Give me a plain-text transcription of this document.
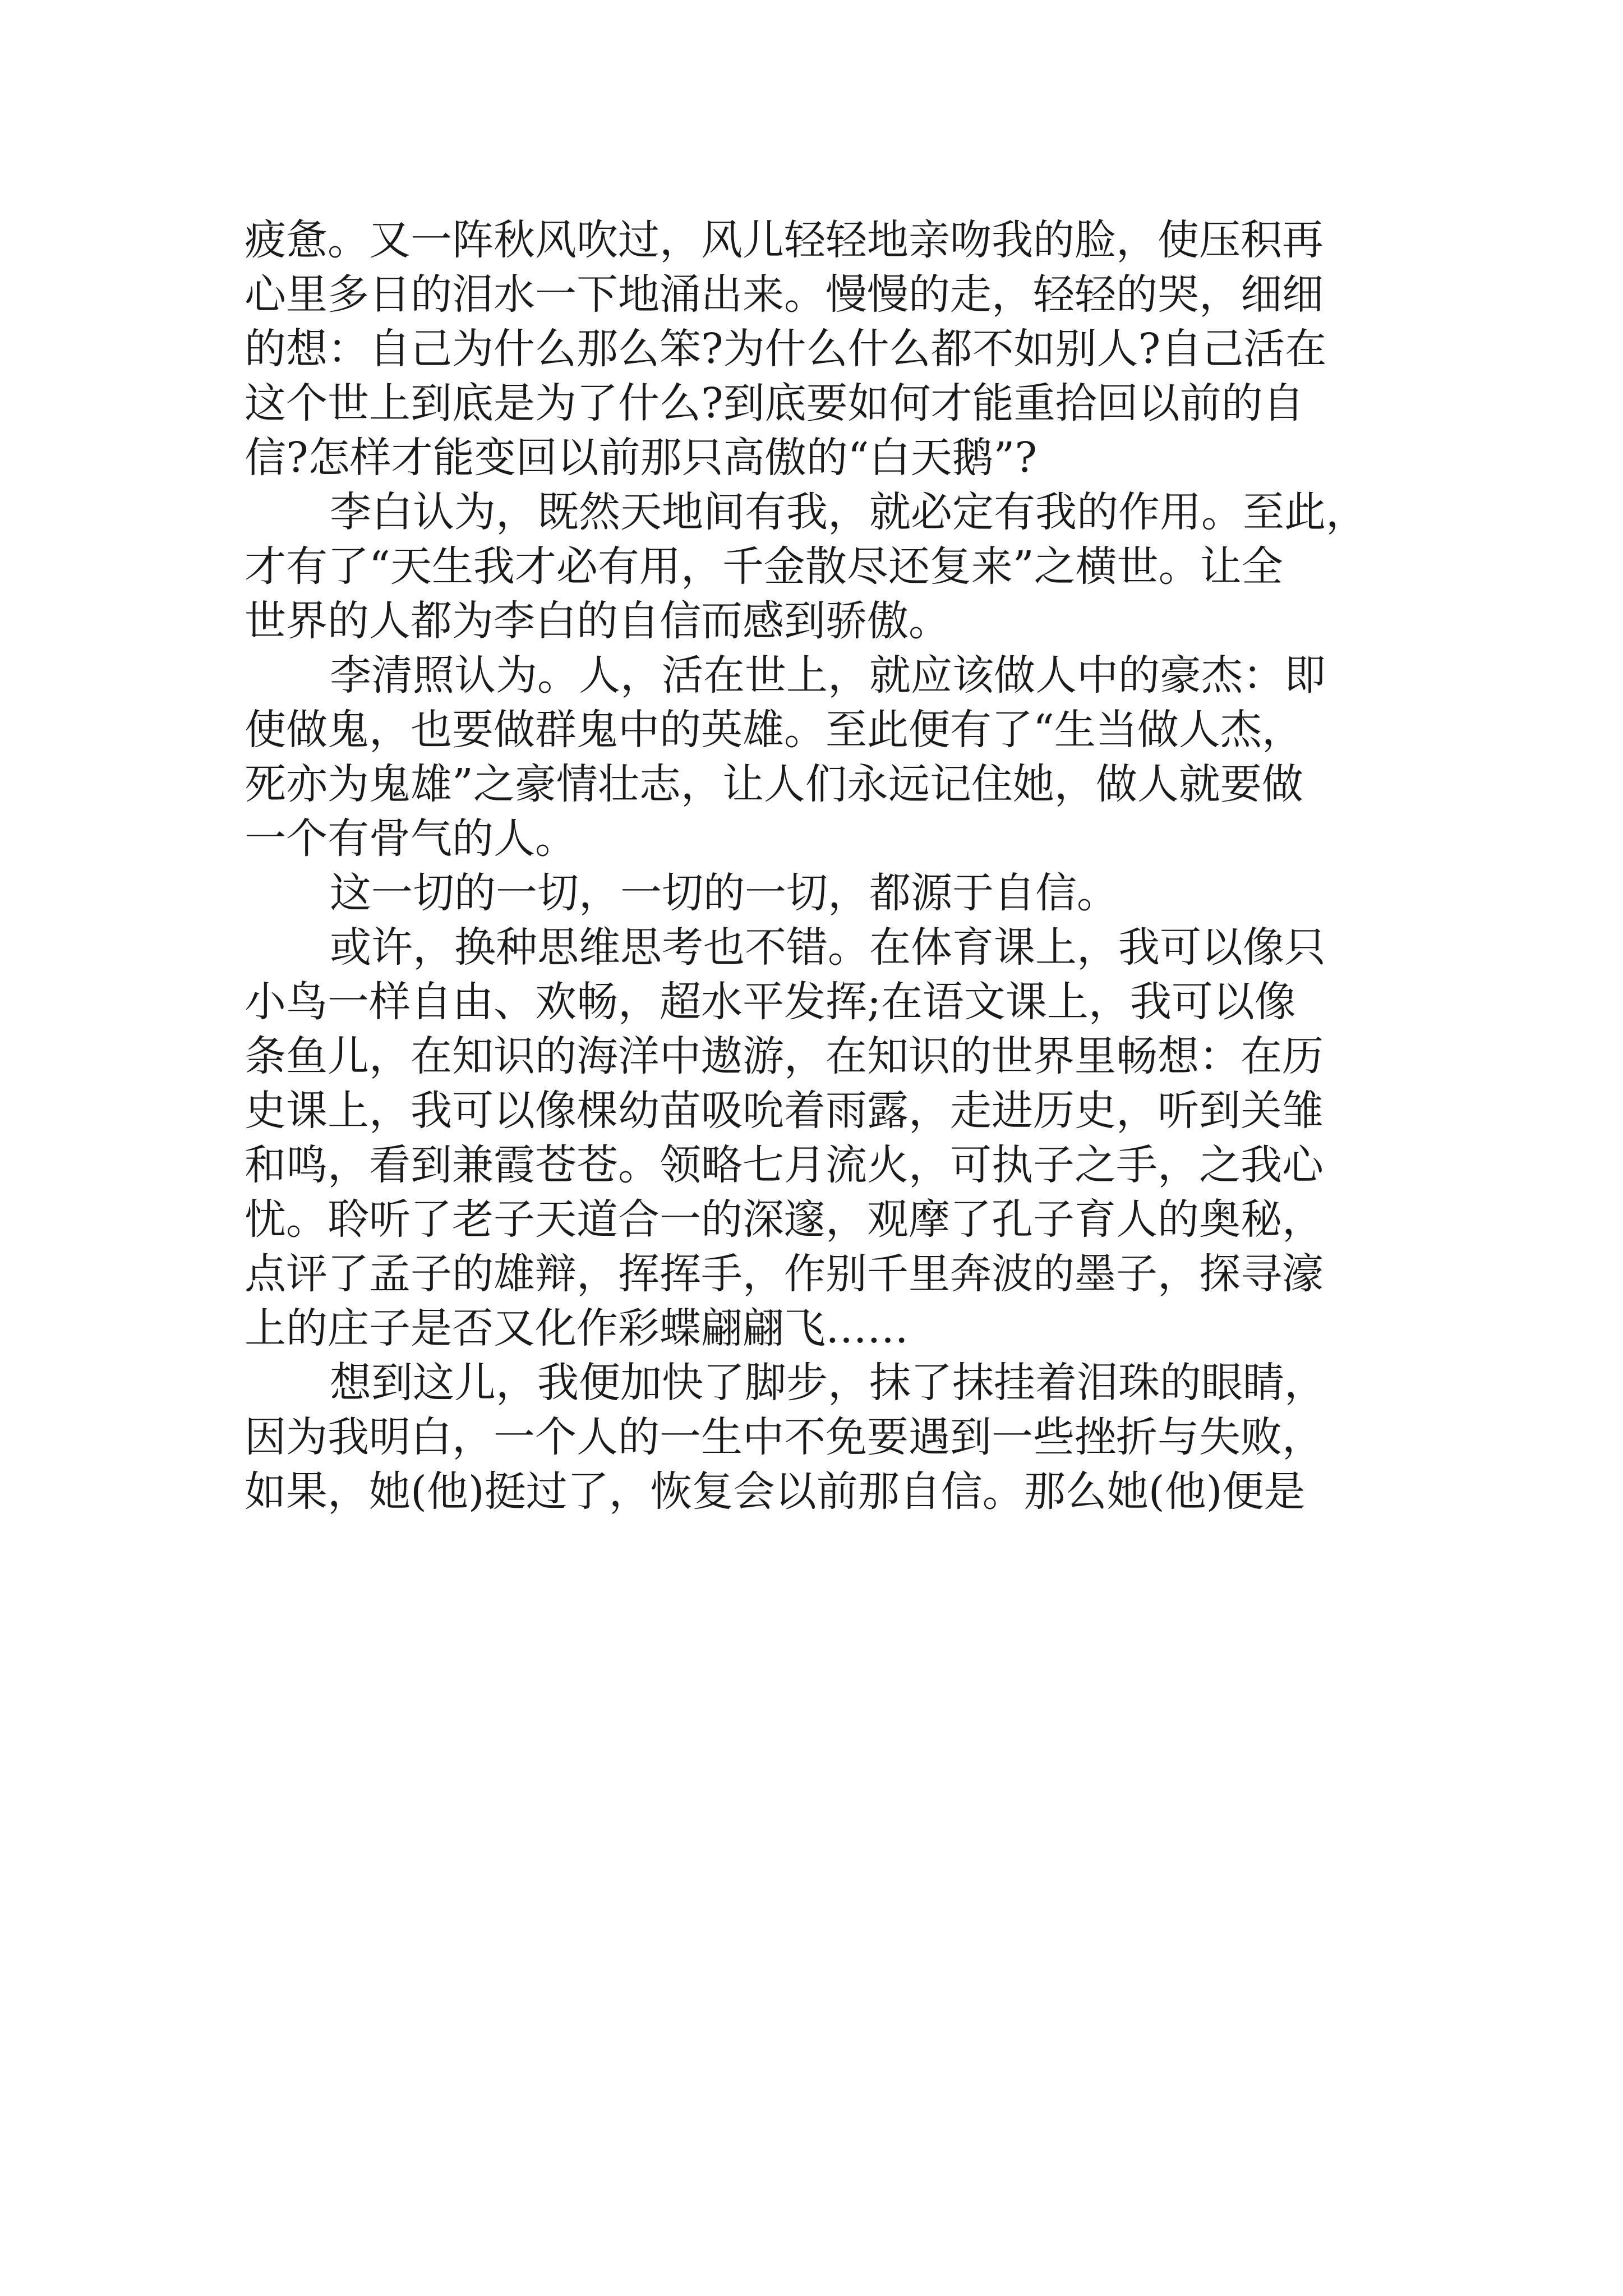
疲惫。又一阵秋风吹过，风儿轻轻地亲吻我的脸，使压积再
心里多日的泪水一下地涌出来。慢慢的走，轻轻的哭，细细
的想：自己为什么那么笨?为什么什么都不如别人?自己活在
这个世上到底是为了什么?到底要如何才能重拾回以前的自
信?怎样才能变回以前那只高傲的“白天鹅”?

李白认为，既然天地间有我，就必定有我的作用。至此，
才有了“天生我才必有用，千金散尽还复来”之横世。让全
世界的人都为李白的自信而感到骄傲。

李清照认为。人，活在世上，就应该做人中的豪杰：即
使做鬼，也要做群鬼中的英雄。至此便有了“生当做人杰，
死亦为鬼雄”之豪情壮志，让人们永远记住她，做人就要做
一个有骨气的人。

这一切的一切，一切的一切，都源于自信。

或许，换种思维思考也不错。在体育课上，我可以像只
小鸟一样自由、欢畅，超水平发挥;在语文课上，我可以像
条鱼儿，在知识的海洋中遨游，在知识的世界里畅想：在历
史课上，我可以像棵幼苗吸吮着雨露，走进历史，听到关雏
和鸣，看到兼霞苍苍。领略七月流火，可执子之手，之我心
忧。聆听了老子天道合一的深邃，观摩了孔子育人的奥秘，
点评了孟子的雄辩，挥挥手，作别千里奔波的墨子，探寻濠
上的庄子是否又化作彩蝶翩翩飞……

想到这儿，我便加快了脚步，抹了抹挂着泪珠的眼睛，
因为我明白，一个人的一生中不免要遇到一些挫折与失败，
如果，她(他)挺过了，恢复会以前那自信。那么她(他)便是
